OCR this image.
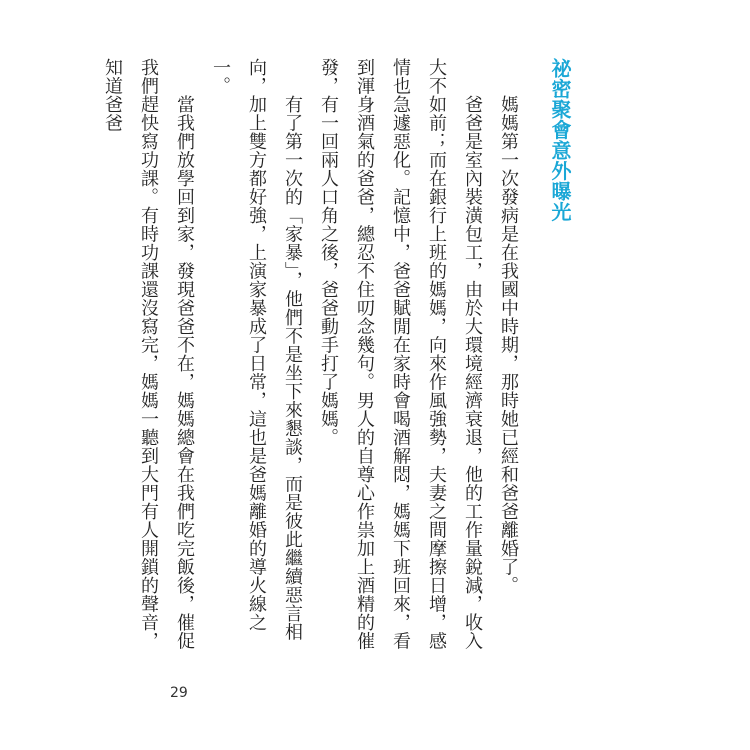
祕密聚會意外曝光

　　媽媽第一次發病是在我國中時期，那時她已經和爸爸離婚了。

　　爸爸是室內裝潢包工，由於大環境經濟衰退，他的工作量銳減，收入大不如前；而在銀行上班的媽媽，向來作風強勢，夫妻之間摩擦日增，感情也急遽惡化。記憶中，爸爸賦閒在家時會喝酒解悶，媽媽下班回來，看到渾身酒氣的爸爸，總忍不住叨念幾句。男人的自尊心作祟加上酒精的催發，有一回兩人口角之後，爸爸動手打了媽媽。

　　有了第一次的「家暴」，他們不是坐下來懇談，而是彼此繼續惡言相向，加上雙方都好強，上演家暴成了日常，這也是爸媽離婚的導火線之一。

　　當我們放學回到家，發現爸爸不在，媽媽總會在我們吃完飯後，催促我們趕快寫功課。有時功課還沒寫完，媽媽一聽到大門有人開鎖的聲音，知道爸爸

29
